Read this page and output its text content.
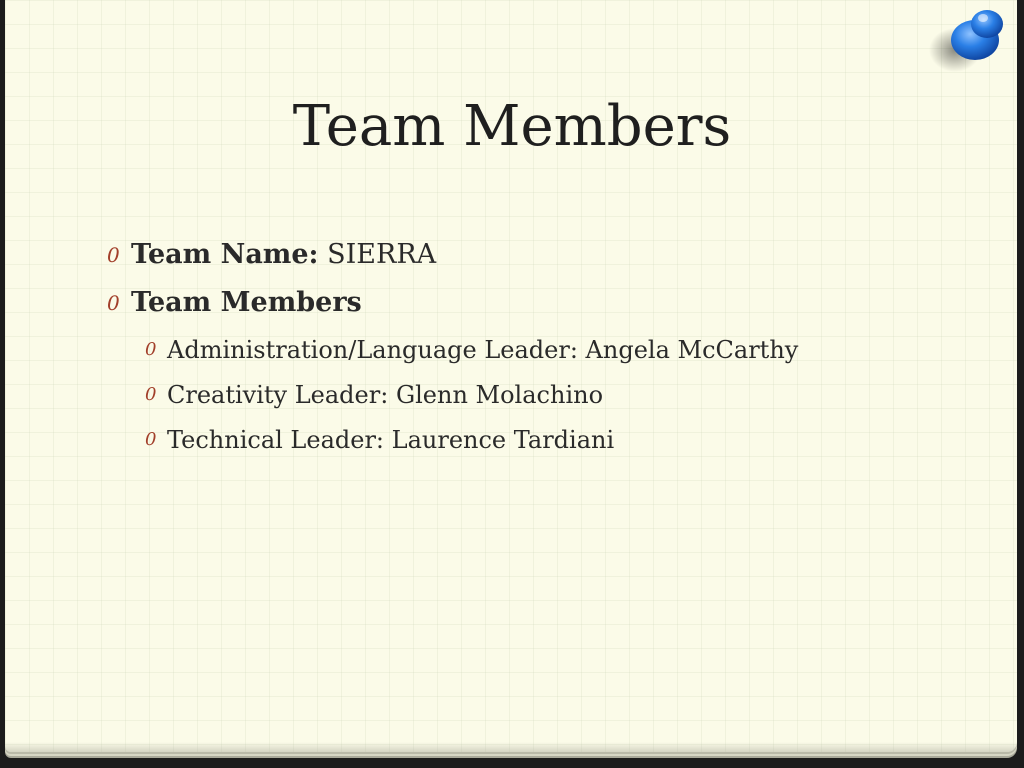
Team Members
0 Team Name: SIERRA
0 Team Members
0 Administration/Language Leader: Angela McCarthy
0 Creativity Leader: Glenn Molachino
0 Technical Leader: Laurence Tardiani
